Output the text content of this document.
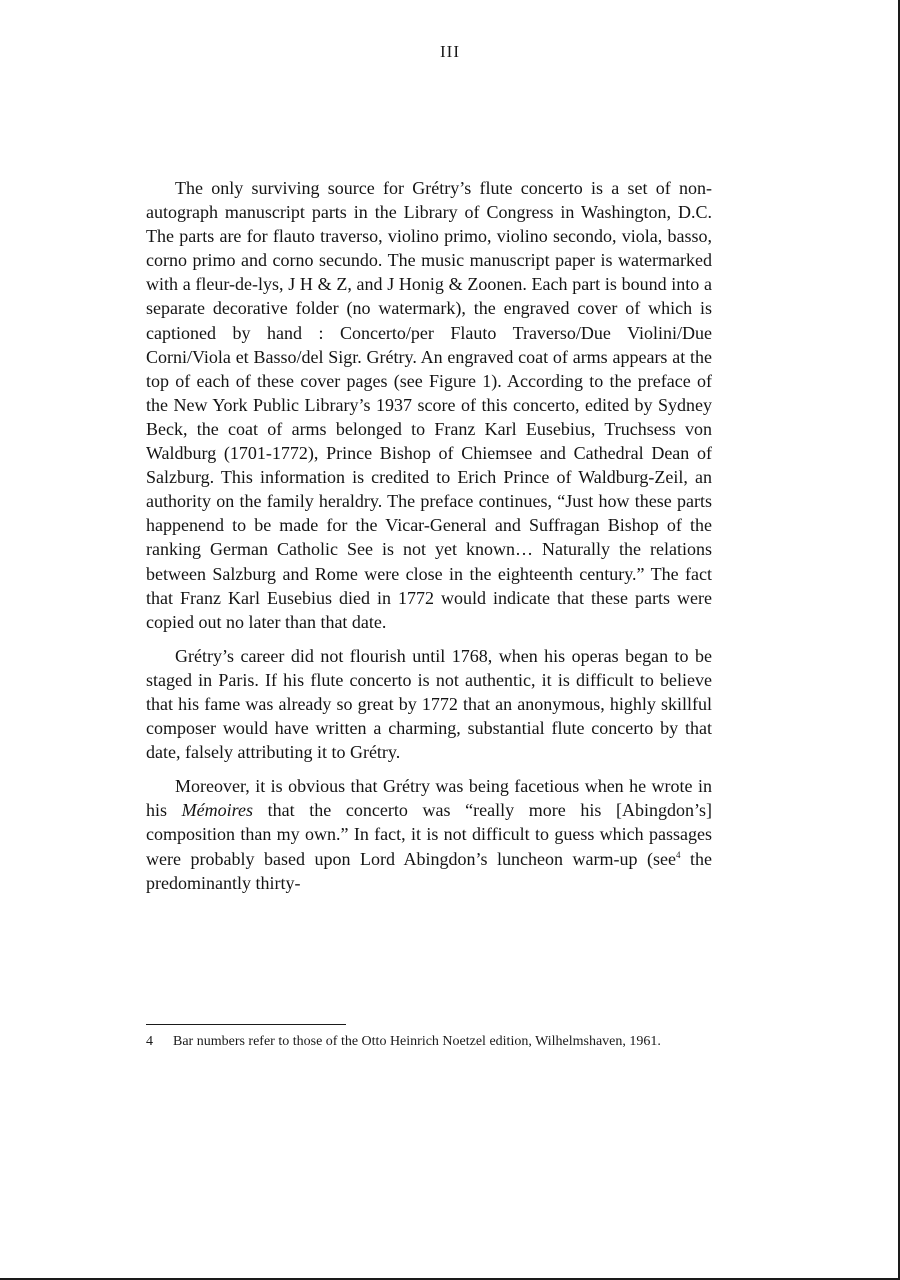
III

The only surviving source for Grétry’s flute concerto is a set of non-autograph manuscript parts in the Library of Congress in Washington, D.C. The parts are for flauto traverso, violino primo, violino secondo, viola, basso, corno primo and corno secundo. The music manuscript paper is watermarked with a fleur-de-lys, J H & Z, and J Honig & Zoonen. Each part is bound into a separate decorative folder (no watermark), the engraved cover of which is captioned by hand : Concerto/per Flauto Traverso/Due Violini/Due Corni/Viola et Basso/del Sigr. Grétry. An engraved coat of arms appears at the top of each of these cover pages (see Figure 1). According to the preface of the New York Public Library’s 1937 score of this concerto, edited by Sydney Beck, the coat of arms belonged to Franz Karl Eusebius, Truchsess von Waldburg (1701-1772), Prince Bishop of Chiemsee and Cathedral Dean of Salzburg. This information is credited to Erich Prince of Waldburg-Zeil, an authority on the family heraldry. The preface continues, “Just how these parts happenend to be made for the Vicar-General and Suffragan Bishop of the ranking German Catholic See is not yet known… Naturally the relations between Salzburg and Rome were close in the eighteenth century.” The fact that Franz Karl Eusebius died in 1772 would indicate that these parts were copied out no later than that date.

Grétry’s career did not flourish until 1768, when his operas began to be staged in Paris. If his flute concerto is not authentic, it is difficult to believe that his fame was already so great by 1772 that an anonymous, highly skillful composer would have written a charming, substantial flute concerto by that date, falsely attributing it to Grétry.

Moreover, it is obvious that Grétry was being facetious when he wrote in his Mémoires that the concerto was “really more his [Abingdon’s] composition than my own.” In fact, it is not difficult to guess which passages were probably based upon Lord Abingdon’s luncheon warm-up (see$^4$ the predominantly thirty-

4	Bar numbers refer to those of the Otto Heinrich Noetzel edition, Wilhelmshaven, 1961.
